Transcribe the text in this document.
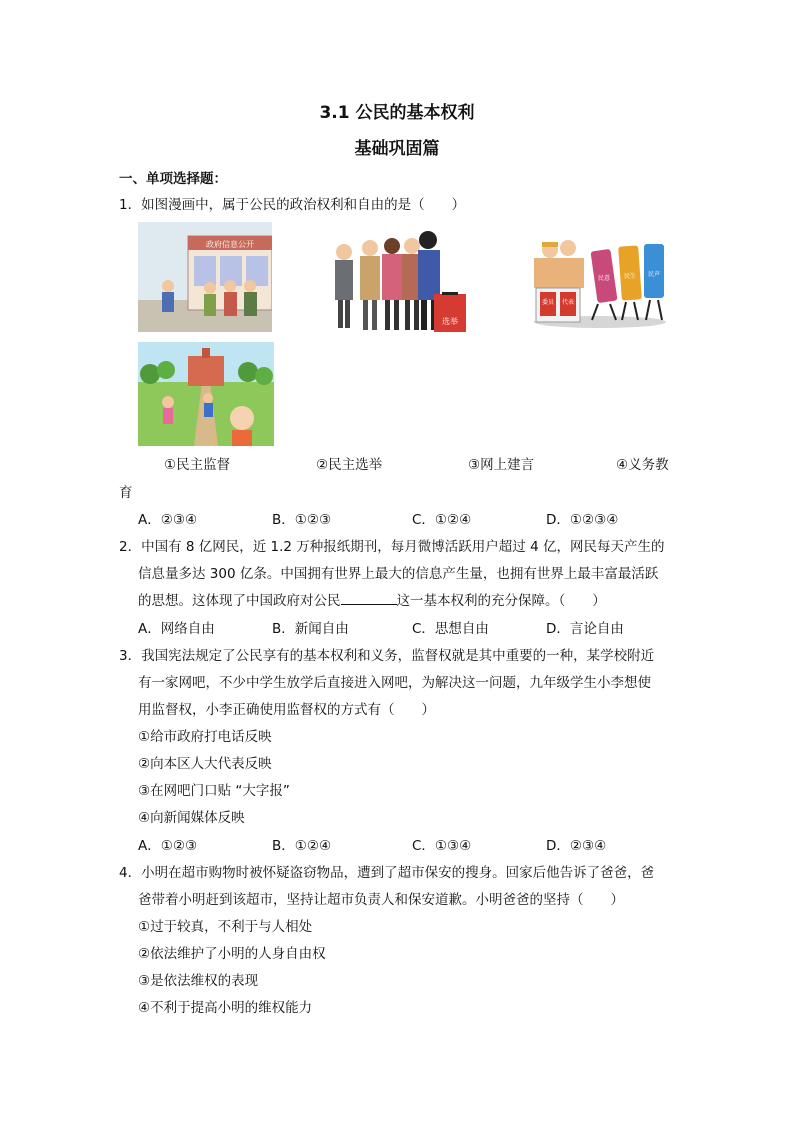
3.1 公民的基本权利
基础巩固篇
一、单项选择题：
1．如图漫画中，属于公民的政治权利和自由的是（　　）
政府信息公开
选举
委员 代表
民意 民生 民声
①民主监督	②民主选举	③网上建言	④义务教
育
A．②③④	B．①②③	C．①②④	D．①②③④
2．中国有 8 亿网民，近 1.2 万种报纸期刊，每月微博活跃用户超过 4 亿，网民每天产生的
信息量多达 300 亿条。中国拥有世界上最大的信息产生量，也拥有世界上最丰富最活跃
的思想。这体现了中国政府对公民	这一基本权利的充分保障。（　　）
A．网络自由	B．新闻自由	C．思想自由	D．言论自由
3．我国宪法规定了公民享有的基本权利和义务，监督权就是其中重要的一种，某学校附近
有一家网吧，不少中学生放学后直接进入网吧，为解决这一问题，九年级学生小李想使
用监督权，小李正确使用监督权的方式有（　　）
①给市政府打电话反映
②向本区人大代表反映
③在网吧门口贴 “大字报”
④向新闻媒体反映
A．①②③	B．①②④	C．①③④	D．②③④
4．小明在超市购物时被怀疑盗窃物品，遭到了超市保安的搜身。回家后他告诉了爸爸，爸
爸带着小明赶到该超市，坚持让超市负责人和保安道歉。小明爸爸的坚持（　　）
①过于较真，不利于与人相处
②依法维护了小明的人身自由权
③是依法维权的表现
④不利于提高小明的维权能力
